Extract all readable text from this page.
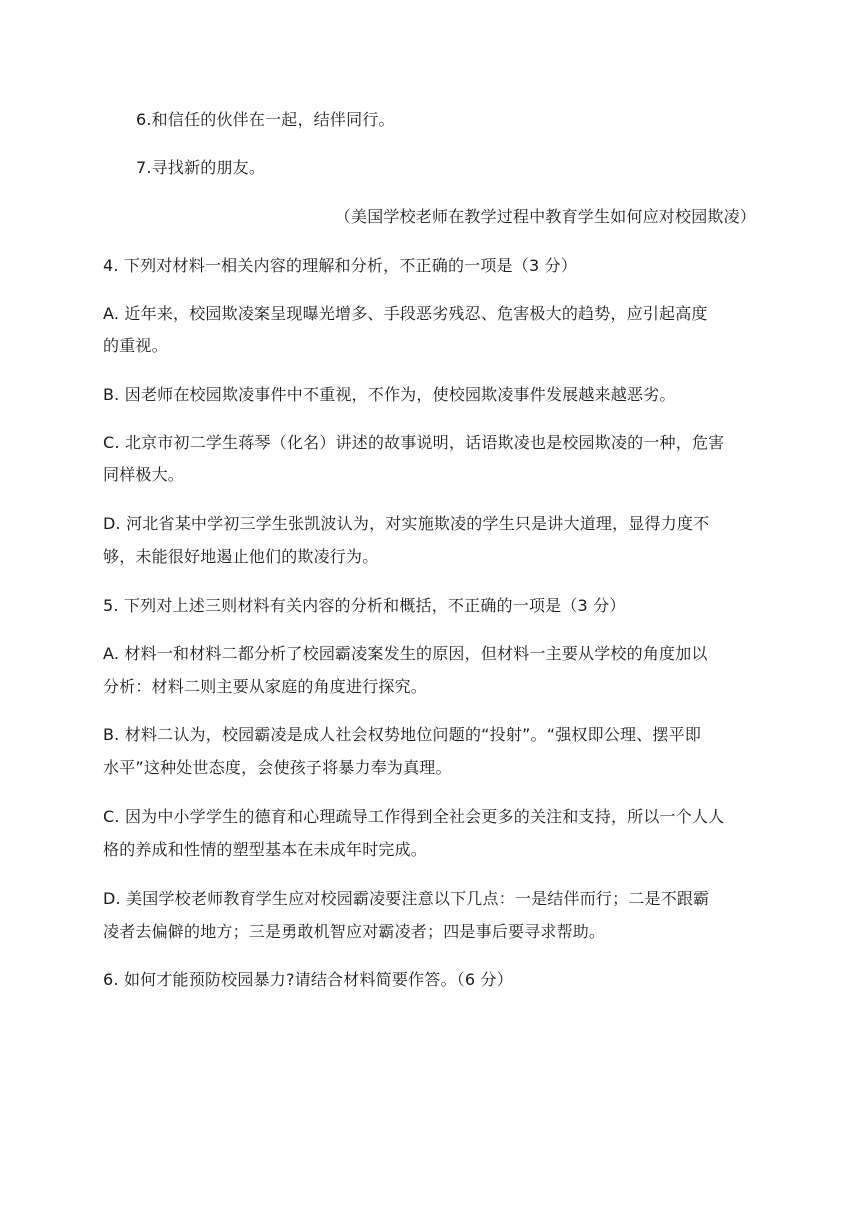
6.和信任的伙伴在一起，结伴同行。
7.寻找新的朋友。
（美国学校老师在教学过程中教育学生如何应对校园欺凌）
4. 下列对材料一相关内容的理解和分析，不正确的一项是（3 分）
A. 近年来，校园欺凌案呈现曝光增多、手段恶劣残忍、危害极大的趋势，应引起高度
的重视。
B. 因老师在校园欺凌事件中不重视，不作为，使校园欺凌事件发展越来越恶劣。
C. 北京市初二学生蒋琴（化名）讲述的故事说明，话语欺凌也是校园欺凌的一种，危害
同样极大。
D. 河北省某中学初三学生张凯波认为，对实施欺凌的学生只是讲大道理，显得力度不
够，未能很好地遏止他们的欺凌行为。
5. 下列对上述三则材料有关内容的分析和概括，不正确的一项是（3 分）
A. 材料一和材料二都分析了校园霸凌案发生的原因，但材料一主要从学校的角度加以
分析：材料二则主要从家庭的角度进行探究。
B. 材料二认为，校园霸凌是成人社会权势地位问题的“投射”。“强权即公理、摆平即
水平”这种处世态度，会使孩子将暴力奉为真理。
C. 因为中小学学生的德育和心理疏导工作得到全社会更多的关注和支持，所以一个人人
格的养成和性情的塑型基本在未成年时完成。
D. 美国学校老师教育学生应对校园霸凌要注意以下几点：一是结伴而行；二是不跟霸
凌者去偏僻的地方；三是勇敢机智应对霸凌者；四是事后要寻求帮助。
6. 如何才能预防校园暴力?请结合材料简要作答。（6 分）
